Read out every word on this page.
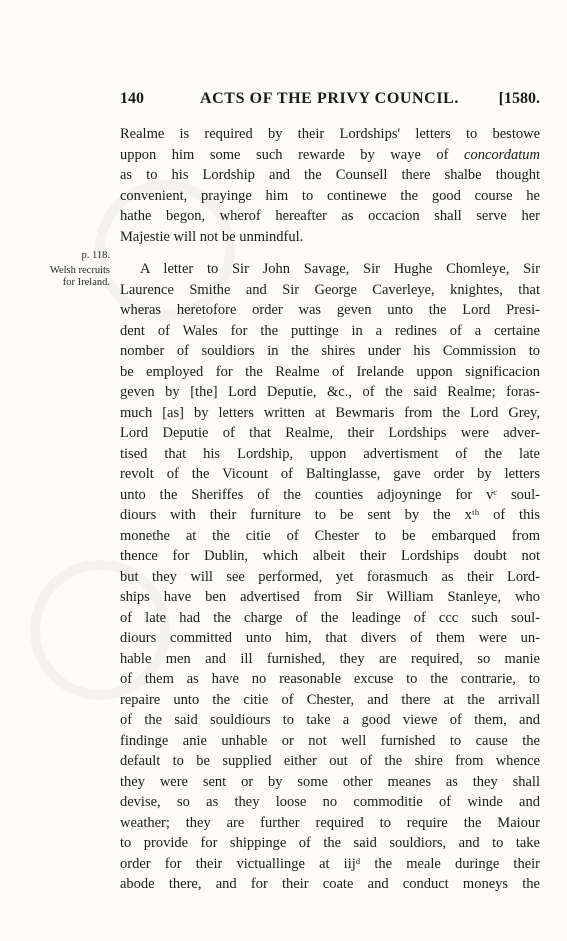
140	ACTS OF THE PRIVY COUNCIL. [1580.
p. 118.
Welsh recruits
for Ireland.
Realme is required by their Lordships' letters to bestowe
uppon him some such rewarde by waye of concordatum
as to his Lordship and the Counsell there shalbe thought
convenient, prayinge him to continewe the good course he
hathe begon, wherof hereafter as occacion shall serve her
Majestie will not be unmindful.
A letter to Sir John Savage, Sir Hughe Chomleye, Sir
Laurence Smithe and Sir George Caverleye, knightes, that
wheras heretofore order was geven unto the Lord Presi-
dent of Wales for the puttinge in a redines of a certaine
nomber of souldiors in the shires under his Commission to
be employed for the Realme of Irelande uppon significacion
geven by [the] Lord Deputie, &c., of the said Realme; foras-
much [as] by letters written at Bewmaris from the Lord Grey,
Lord Deputie of that Realme, their Lordships were adver-
tised that his Lordship, uppon advertisment of the late
revolt of the Vicount of Baltinglasse, gave order by letters
unto the Sheriffes of the counties adjoyninge for vᶜ soul-
diours with their furniture to be sent by the xᵗʰ of this
monethe at the citie of Chester to be embarqued from
thence for Dublin, which albeit their Lordships doubt not
but they will see performed, yet forasmuch as their Lord-
ships have ben advertised from Sir William Stanleye, who
of late had the charge of the leadinge of ccc such soul-
diours committed unto him, that divers of them were un-
hable men and ill furnished, they are required, so manie
of them as have no reasonable excuse to the contrarie, to
repaire unto the citie of Chester, and there at the arrivall
of the said souldiours to take a good viewe of them, and
findinge anie unhable or not well furnished to cause the
default to be supplied either out of the shire from whence
they were sent or by some other meanes as they shall
devise, so as they loose no commoditie of winde and
weather; they are further required to require the Maiour
to provide for shippinge of the said souldiors, and to take
order for their victuallinge at iijᵈ the meale duringe their
abode there, and for their coate and conduct moneys the
